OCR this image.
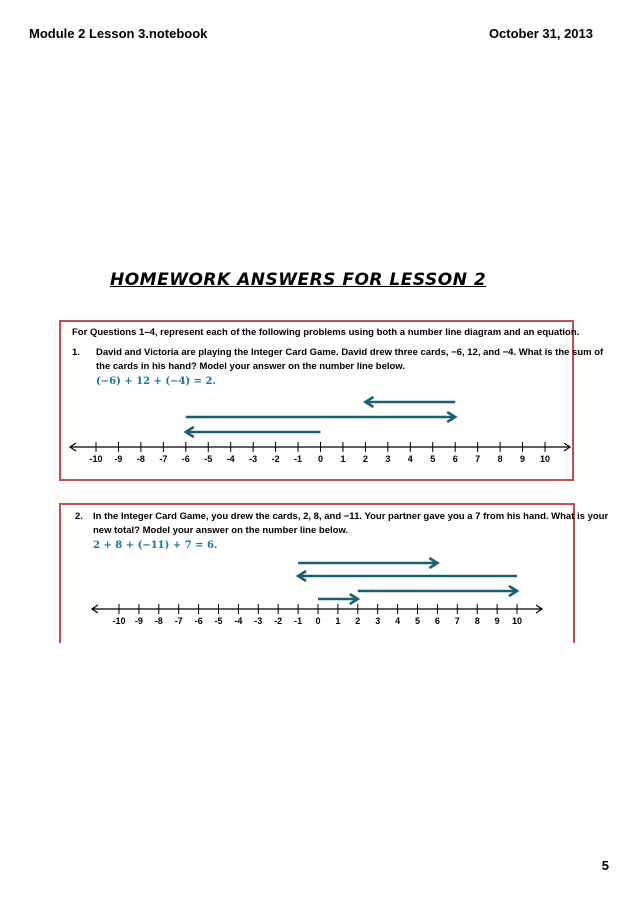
Module 2 Lesson 3.notebook	October 31, 2013
HOMEWORK ANSWERS FOR LESSON 2
For Questions 1–4, represent each of the following problems using both a number line diagram and an equation.
1. David and Victoria are playing the Integer Card Game. David drew three cards, −6, 12, and −4. What is the sum of
the cards in his hand? Model your answer on the number line below.
(−6) + 12 + (−4) = 2.
-10 -9 -8 -7 -6 -5 -4 -3 -2 -1 0 1 2 3 4 5 6 7 8 9 10
2. In the Integer Card Game, you drew the cards, 2, 8, and −11. Your partner gave you a 7 from his hand. What is your
new total? Model your answer on the number line below.
2 + 8 + (−11) + 7 = 6.
-10 -9 -8 -7 -6 -5 -4 -3 -2 -1 0 1 2 3 4 5 6 7 8 9 10
5
